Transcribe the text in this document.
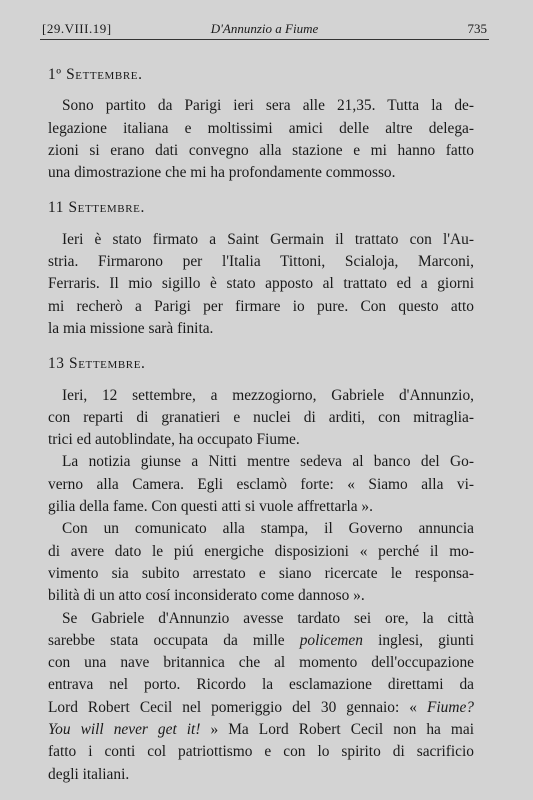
[29.VIII.19]	D'Annunzio a Fiume	735
1º Settembre.
Sono partito da Parigi ieri sera alle 21,35. Tutta la de-
legazione italiana e moltissimi amici delle altre delega-
zioni si erano dati convegno alla stazione e mi hanno fatto
una dimostrazione che mi ha profondamente commosso.
11 Settembre.
Ieri è stato firmato a Saint Germain il trattato con l'Au-
stria. Firmarono per l'Italia Tittoni, Scialoja, Marconi,
Ferraris. Il mio sigillo è stato apposto al trattato ed a giorni
mi recherò a Parigi per firmare io pure. Con questo atto
la mia missione sarà finita.
13 Settembre.
Ieri, 12 settembre, a mezzogiorno, Gabriele d'Annunzio,
con reparti di granatieri e nuclei di arditi, con mitraglia-
trici ed autoblindate, ha occupato Fiume.
La notizia giunse a Nitti mentre sedeva al banco del Go-
verno alla Camera. Egli esclamò forte: « Siamo alla vi-
gilia della fame. Con questi atti si vuole affrettarla ».
Con un comunicato alla stampa, il Governo annuncia
di avere dato le piú energiche disposizioni « perché il mo-
vimento sia subito arrestato e siano ricercate le responsa-
bilità di un atto cosí inconsiderato come dannoso ».
Se Gabriele d'Annunzio avesse tardato sei ore, la città
sarebbe stata occupata da mille policemen inglesi, giunti
con una nave britannica che al momento dell'occupazione
entrava nel porto. Ricordo la esclamazione direttami da
Lord Robert Cecil nel pomeriggio del 30 gennaio: « Fiume?
You will never get it! » Ma Lord Robert Cecil non ha mai
fatto i conti col patriottismo e con lo spirito di sacrificio
degli italiani.
